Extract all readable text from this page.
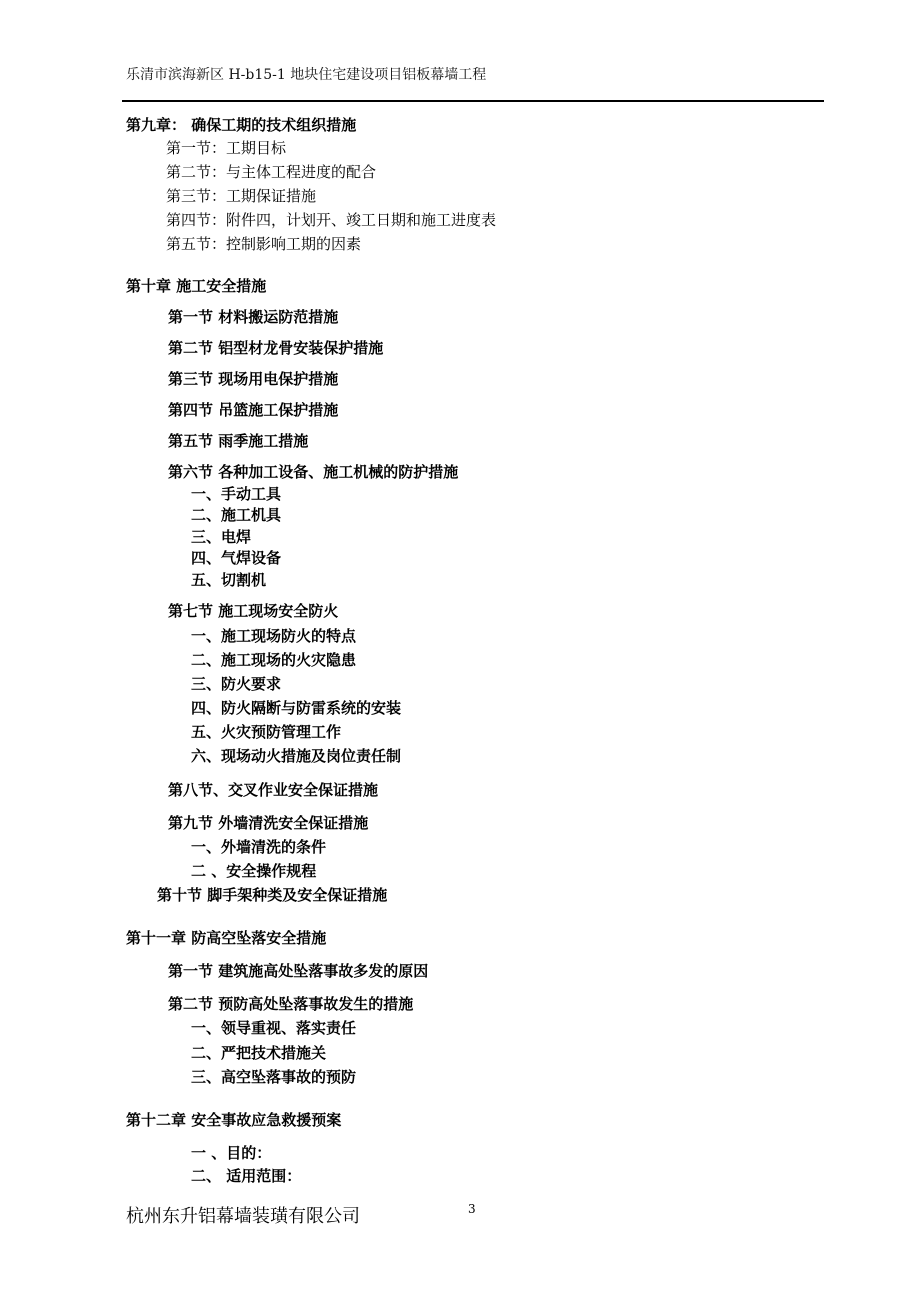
乐清市滨海新区 H-b15-1 地块住宅建设项目铝板幕墙工程
第九章： 确保工期的技术组织措施
第一节：工期目标
第二节：与主体工程进度的配合
第三节：工期保证措施
第四节：附件四，计划开、竣工日期和施工进度表
第五节：控制影响工期的因素
第十章 施工安全措施
第一节 材料搬运防范措施
第二节 铝型材龙骨安装保护措施
第三节 现场用电保护措施
第四节 吊篮施工保护措施
第五节 雨季施工措施
第六节 各种加工设备、施工机械的防护措施
一、手动工具
二、施工机具
三、电焊
四、气焊设备
五、切割机
第七节 施工现场安全防火
一、施工现场防火的特点
二、施工现场的火灾隐患
三、防火要求
四、防火隔断与防雷系统的安装
五、火灾预防管理工作
六、现场动火措施及岗位责任制
第八节、交叉作业安全保证措施
第九节 外墙清洗安全保证措施
一、外墙清洗的条件
二 、安全操作规程
第十节 脚手架种类及安全保证措施
第十一章 防高空坠落安全措施
第一节 建筑施高处坠落事故多发的原因
第二节 预防高处坠落事故发生的措施
一、领导重视、落实责任
二、严把技术措施关
三、高空坠落事故的预防
第十二章 安全事故应急救援预案
一 、目的：
二、 适用范围：
杭州东升铝幕墙装璜有限公司	3
